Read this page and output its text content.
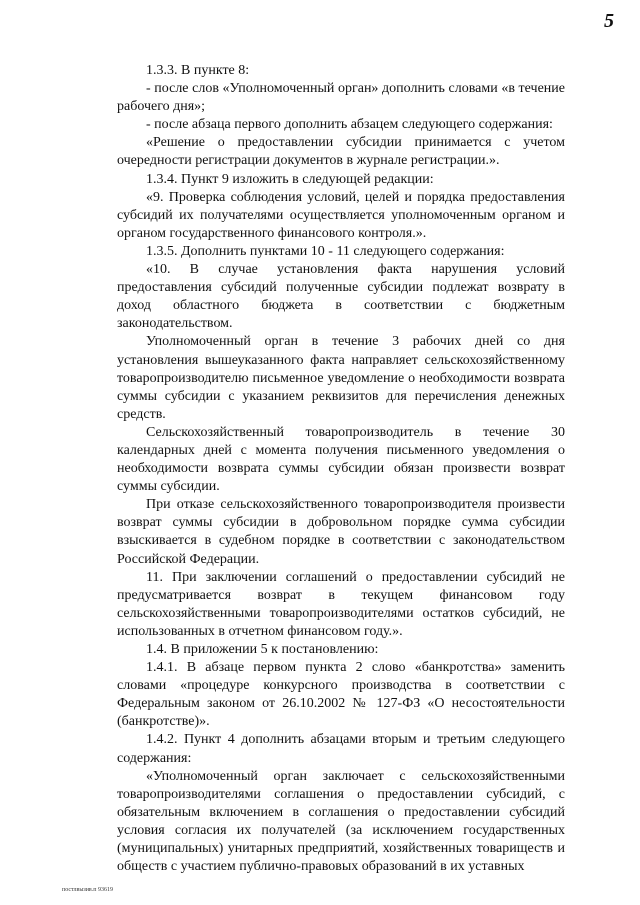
5

1.3.3. В пункте 8:

- после слов «Уполномоченный орган» дополнить словами «в течение рабочего дня»;

- после абзаца первого дополнить абзацем следующего содержания:

«Решение о предоставлении субсидии принимается с учетом очередности регистрации документов в журнале регистрации.».

1.3.4. Пункт 9 изложить в следующей редакции:

«9. Проверка соблюдения условий, целей и порядка предоставления субсидий их получателями осуществляется уполномоченным органом и органом государственного финансового контроля.».

1.3.5. Дополнить пунктами 10 - 11 следующего содержания:

«10. В случае установления факта нарушения условий предоставления субсидий полученные субсидии подлежат возврату в доход областного бюджета в соответствии с бюджетным законодательством.

Уполномоченный орган в течение 3 рабочих дней со дня установления вышеуказанного факта направляет сельскохозяйственному товаропроизводителю письменное уведомление о необходимости возврата суммы субсидии с указанием реквизитов для перечисления денежных средств.

Сельскохозяйственный товаропроизводитель в течение 30 календарных дней с момента получения письменного уведомления о необходимости возврата суммы субсидии обязан произвести возврат суммы субсидии.

При отказе сельскохозяйственного товаропроизводителя произвести возврат суммы субсидии в добровольном порядке сумма субсидии взыскивается в судебном порядке в соответствии с законодательством Российской Федерации.

11. При заключении соглашений о предоставлении субсидий не предусматривается возврат в текущем финансовом году сельскохозяйственными товаропроизводителями остатков субсидий, не использованных в отчетном финансовом году.».

1.4. В приложении 5 к постановлению:

1.4.1. В абзаце первом пункта 2 слово «банкротства» заменить словами «процедуре конкурсного производства в соответствии с Федеральным законом от 26.10.2002 № 127-ФЗ «О несостоятельности (банкротстве)».

1.4.2. Пункт 4 дополнить абзацами вторым и третьим следующего содержания:

«Уполномоченный орган заключает с сельскохозяйственными товаропроизводителями соглашения о предоставлении субсидий, с обязательным включением в соглашения о предоставлении субсидий условия согласия их получателей (за исключением государственных (муниципальных) унитарных предприятий, хозяйственных товариществ и обществ с участием публично-правовых образований в их уставных

постлвызив.п 93619
